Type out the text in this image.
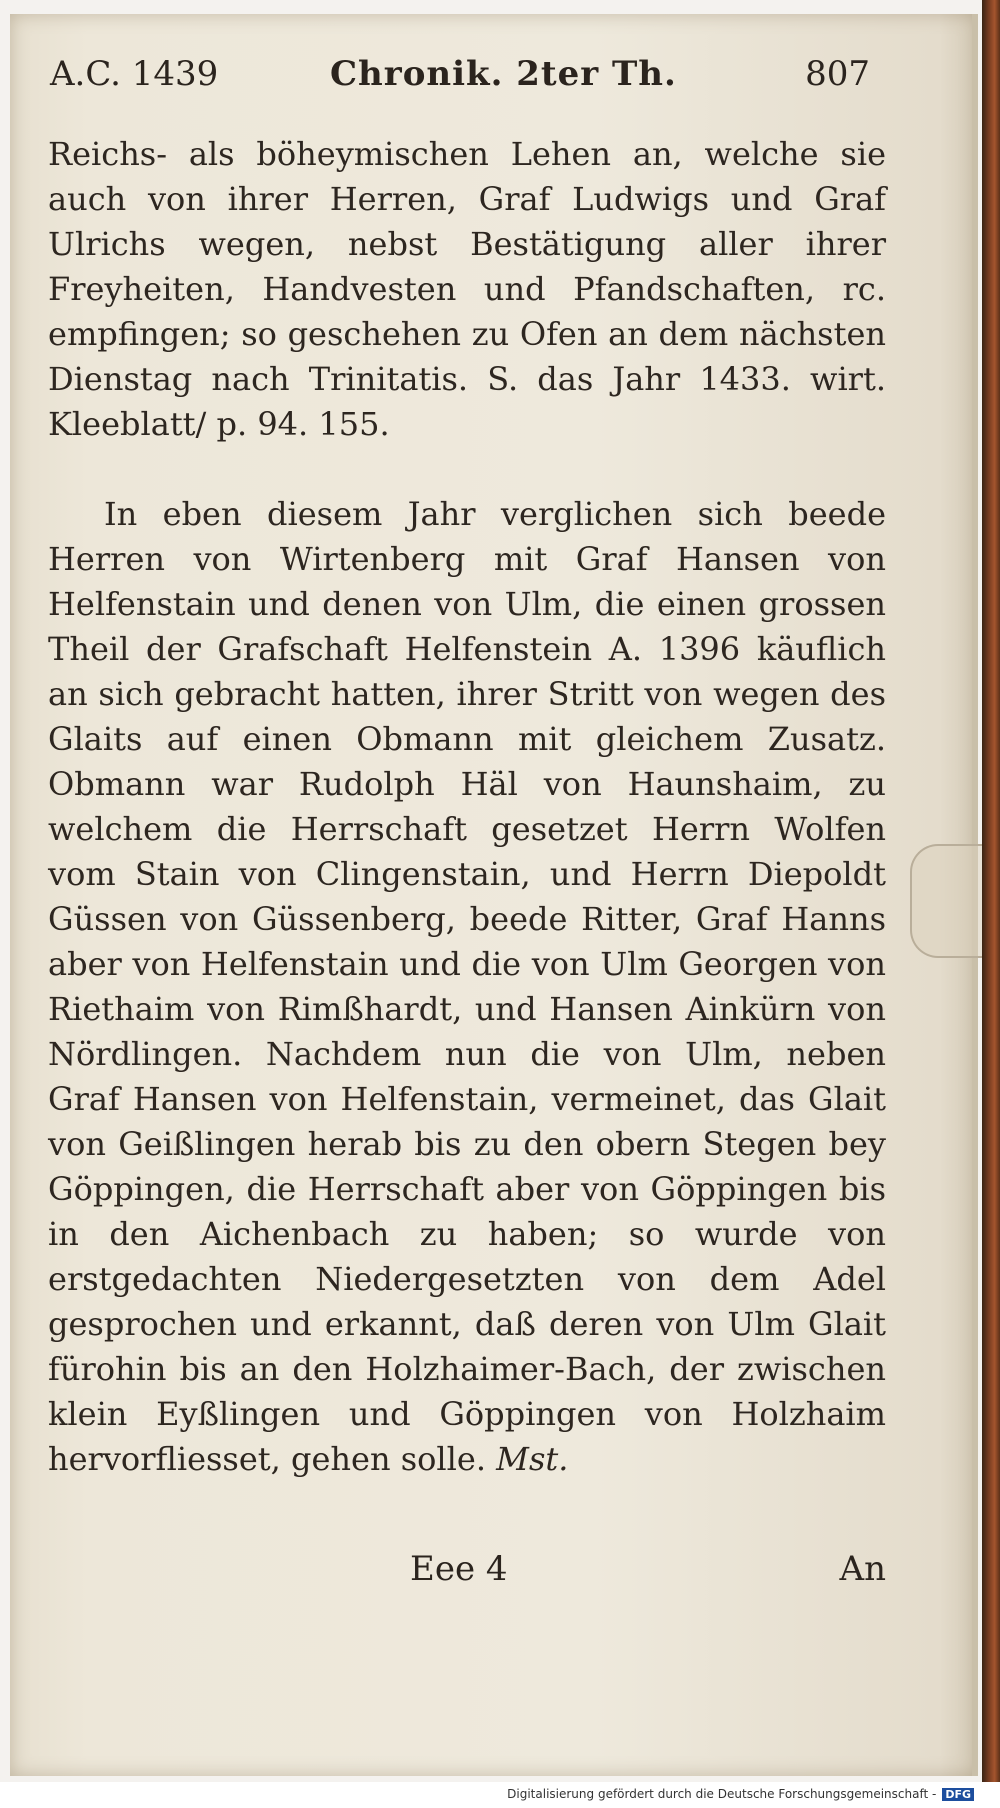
A.C. 1439	Chronik. 2ter Th.	807
Reichs- als böheymischen Lehen an, welche sie auch von ihrer Herren, Graf Ludwigs und Graf Ulrichs wegen, nebst Bestätigung aller ihrer Freyheiten, Handvesten und Pfandschaften, rc. empfingen; so geschehen zu Ofen an dem nächsten Dienstag nach Trinitatis. S. das Jahr 1433. wirt. Kleeblatt/ p. 94. 155.
In eben diesem Jahr verglichen sich beede Herren von Wirtenberg mit Graf Hansen von Helfenstain und denen von Ulm, die einen grossen Theil der Grafschaft Helfenstein A. 1396 käuflich an sich gebracht hatten, ihrer Stritt von wegen des Glaits auf einen Obmann mit gleichem Zusatz. Obmann war Rudolph Häl von Haunshaim, zu welchem die Herrschaft gesetzet Herrn Wolfen vom Stain von Clingenstain, und Herrn Diepoldt Güssen von Güssenberg, beede Ritter, Graf Hanns aber von Helfenstain und die von Ulm Georgen von Riethaim von Rimßhardt, und Hansen Ainkürn von Nördlingen. Nachdem nun die von Ulm, neben Graf Hansen von Helfenstain, vermeinet, das Glait von Geißlingen herab bis zu den obern Stegen bey Göppingen, die Herrschaft aber von Göppingen bis in den Aichenbach zu haben; so wurde von erstgedachten Niedergesetzten von dem Adel gesprochen und erkannt, daß deren von Ulm Glait fürohin bis an den Holzhaimer-Bach, der zwischen klein Eyßlingen und Göppingen von Holzhaim hervorfliesset, gehen solle. Mst.
Eee 4	An
Digitalisierung gefördert durch die Deutsche Forschungsgemeinschaft - DFG
